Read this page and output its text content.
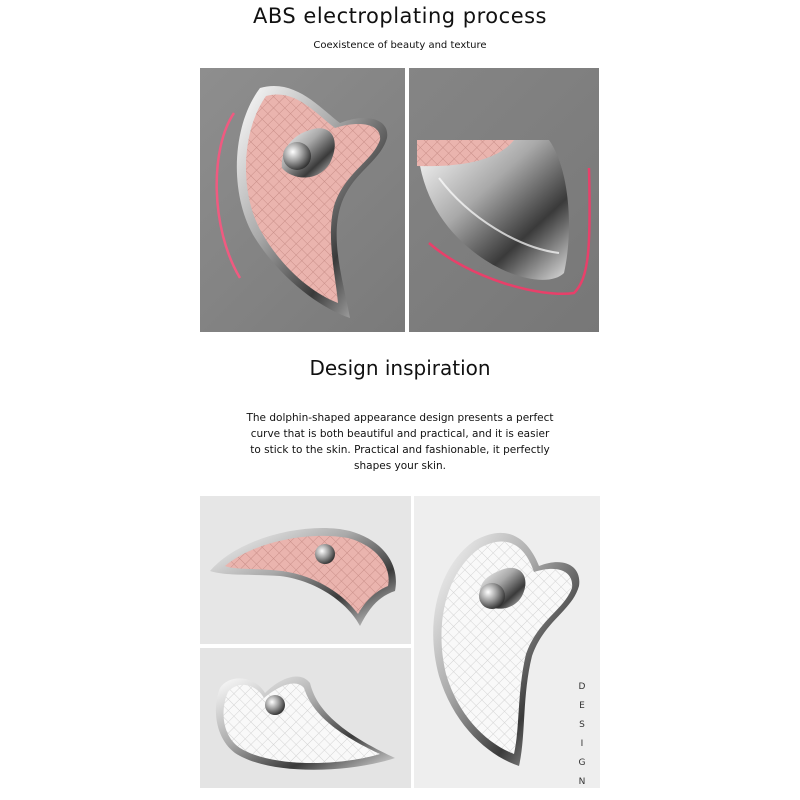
ABS electroplating process
Coexistence of beauty and texture
Design inspiration
The dolphin-shaped appearance design presents a perfect
curve that is both beautiful and practical, and it is easier
to stick to the skin. Practical and fashionable, it perfectly
shapes your skin.
D
E
S
I
G
N
